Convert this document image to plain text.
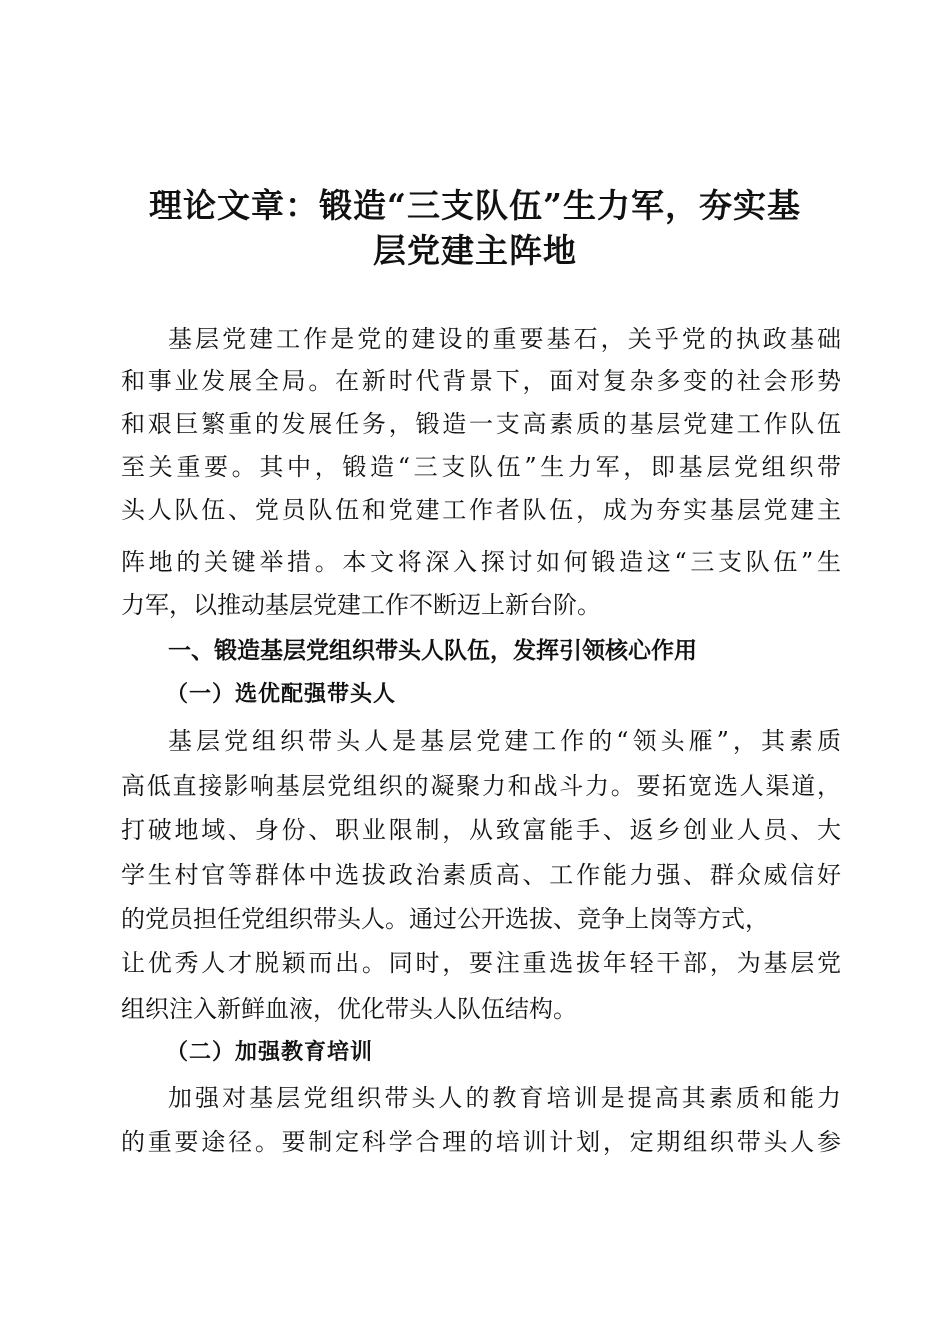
理论文章：锻造“三支队伍”生力军，夯实基
层党建主阵地

基层党建工作是党的建设的重要基石，关乎党的执政基础

和事业发展全局。在新时代背景下，面对复杂多变的社会形势

和艰巨繁重的发展任务，锻造一支高素质的基层党建工作队伍

至关重要。其中，锻造“三支队伍”生力军，即基层党组织带

头人队伍、党员队伍和党建工作者队伍，成为夯实基层党建主

阵地的关键举措。本文将深入探讨如何锻造这“三支队伍”生

力军，以推动基层党建工作不断迈上新台阶。

一、锻造基层党组织带头人队伍，发挥引领核心作用
（一）选优配强带头人

基层党组织带头人是基层党建工作的“领头雁”，其素质

高低直接影响基层党组织的凝聚力和战斗力。要拓宽选人渠道，

打破地域、身份、职业限制，从致富能手、返乡创业人员、大

学生村官等群体中选拔政治素质高、工作能力强、群众威信好

的党员担任党组织带头人。通过公开选拔、竞争上岗等方式，

让优秀人才脱颖而出。同时，要注重选拔年轻干部，为基层党

组织注入新鲜血液，优化带头人队伍结构。

（二）加强教育培训

加强对基层党组织带头人的教育培训是提高其素质和能力

的重要途径。要制定科学合理的培训计划，定期组织带头人参
